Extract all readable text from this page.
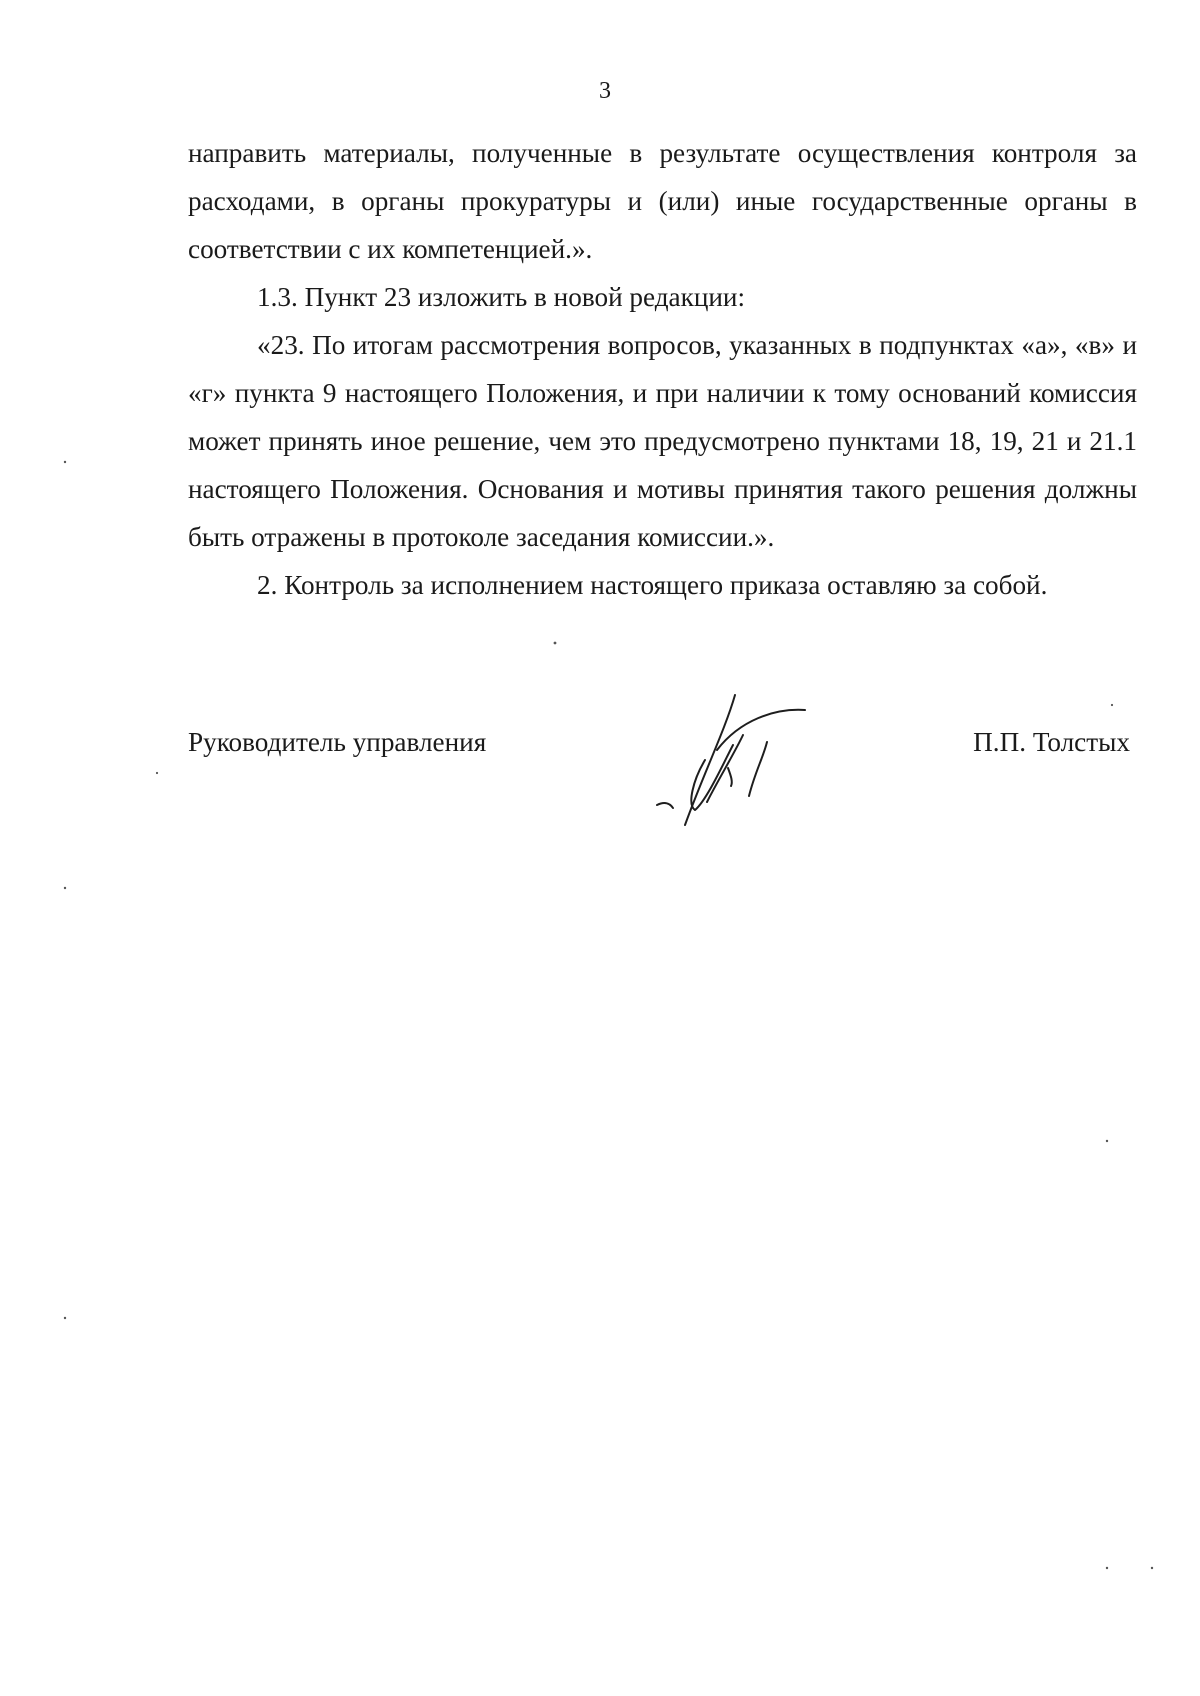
3

направить материалы, полученные в результате осуществления контроля за расходами, в органы прокуратуры и (или) иные государственные органы в соответствии с их компетенцией.».

1.3. Пункт 23 изложить в новой редакции:

«23. По итогам рассмотрения вопросов, указанных в подпунктах «а», «в» и «г» пункта 9 настоящего Положения, и при наличии к тому оснований комиссия может принять иное решение, чем это предусмотрено пунктами 18, 19, 21 и 21.1 настоящего Положения. Основания и мотивы принятия такого решения должны быть отражены в протоколе заседания комиссии.».

2. Контроль за исполнением настоящего приказа оставляю за собой.

Руководитель управления	П.П. Толстых
